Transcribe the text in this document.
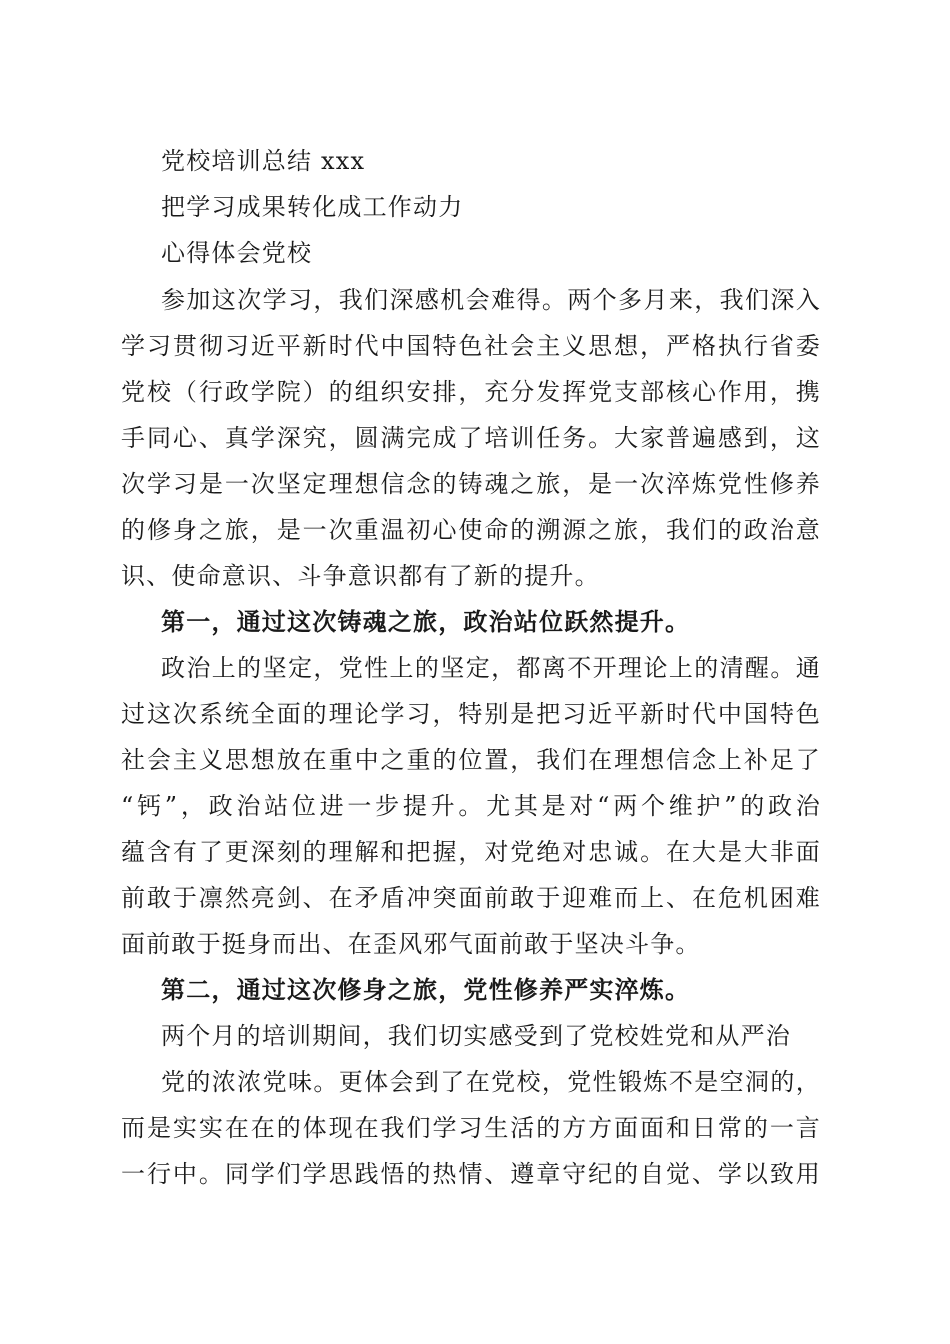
党校培训总结 xxx
把学习成果转化成工作动力
心得体会党校
参加这次学习，我们深感机会难得。两个多月来，我们深入
学习贯彻习近平新时代中国特色社会主义思想，严格执行省委
党校（行政学院）的组织安排，充分发挥党支部核心作用，携
手同心、真学深究，圆满完成了培训任务。大家普遍感到，这
次学习是一次坚定理想信念的铸魂之旅，是一次淬炼党性修养
的修身之旅，是一次重温初心使命的溯源之旅，我们的政治意
识、使命意识、斗争意识都有了新的提升。
第一，通过这次铸魂之旅，政治站位跃然提升。
政治上的坚定，党性上的坚定，都离不开理论上的清醒。通
过这次系统全面的理论学习，特别是把习近平新时代中国特色
社会主义思想放在重中之重的位置，我们在理想信念上补足了
“钙”，政治站位进一步提升。尤其是对“两个维护”的政治
蕴含有了更深刻的理解和把握，对党绝对忠诚。在大是大非面
前敢于凛然亮剑、在矛盾冲突面前敢于迎难而上、在危机困难
面前敢于挺身而出、在歪风邪气面前敢于坚决斗争。
第二，通过这次修身之旅，党性修养严实淬炼。
两个月的培训期间，我们切实感受到了党校姓党和从严治
党的浓浓党味。更体会到了在党校，党性锻炼不是空洞的，
而是实实在在的体现在我们学习生活的方方面面和日常的一言
一行中。同学们学思践悟的热情、遵章守纪的自觉、学以致用
